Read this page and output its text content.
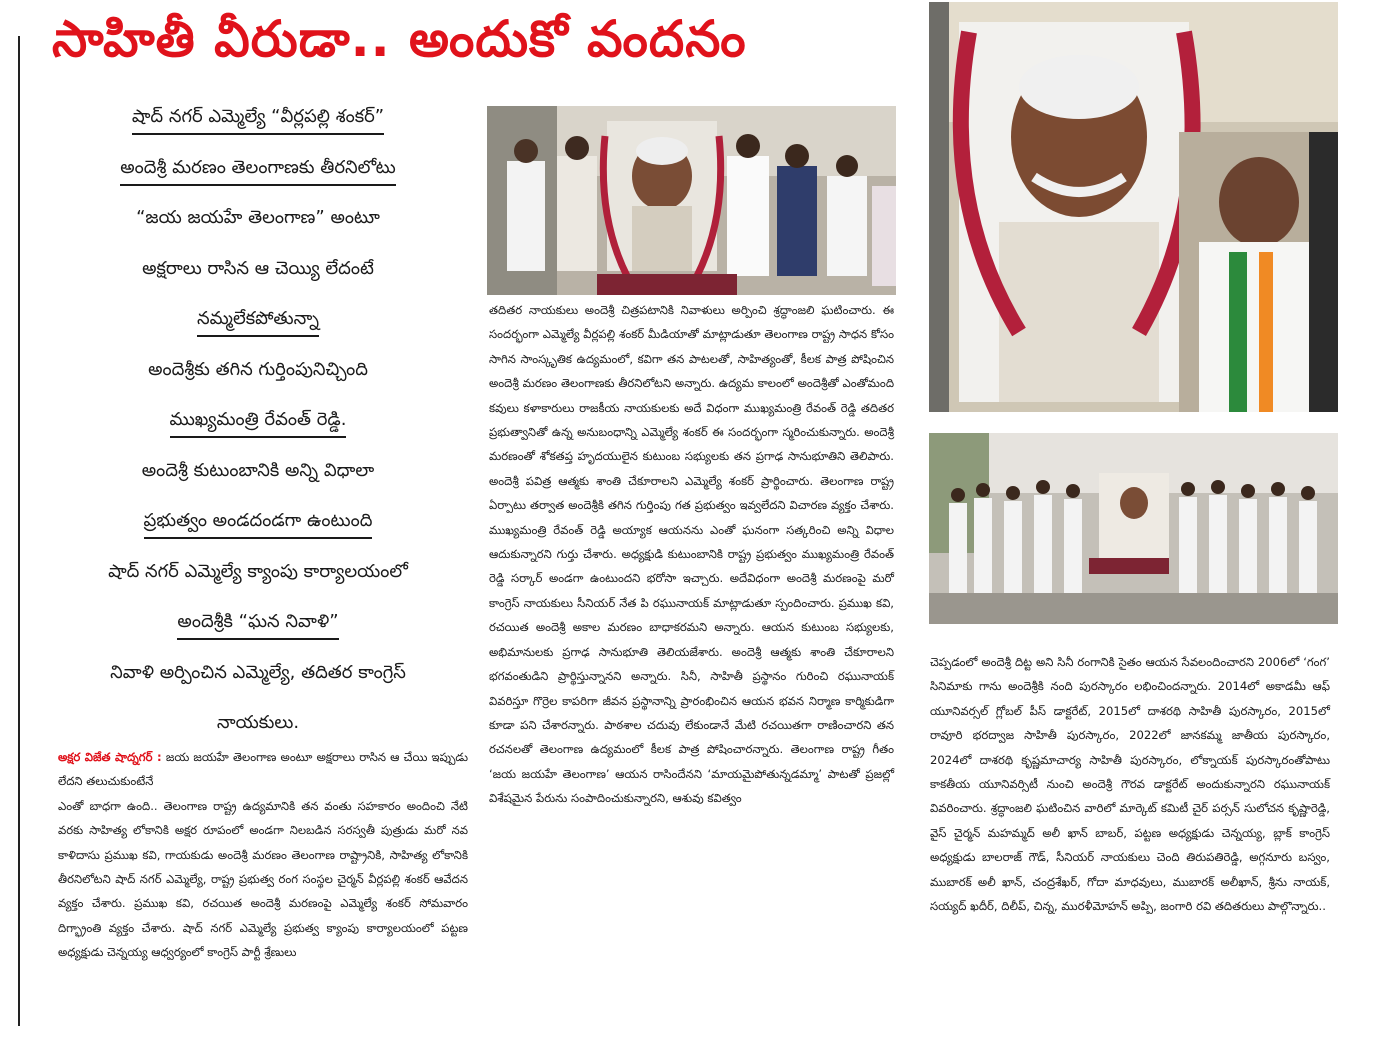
సాహితీ వీరుడా.. అందుకో వందనం
షాద్ నగర్ ఎమ్మెల్యే “వీర్లపల్లి శంకర్”
అందెశ్రీ మరణం తెలంగాణకు తీరనిలోటు
“జయ జయహే తెలంగాణ” అంటూ
అక్షరాలు రాసిన ఆ చెయ్యి లేదంటే
నమ్మలేకపోతున్నా
అందెశ్రీకు తగిన గుర్తింపునిచ్చింది
ముఖ్యమంత్రి రేవంత్ రెడ్డి.
అందెశ్రీ కుటుంబానికి అన్ని విధాలా
ప్రభుత్వం అండదండగా ఉంటుంది
షాద్ నగర్ ఎమ్మెల్యే క్యాంపు కార్యాలయంలో
అందెశ్రీకి “ఘన నివాళి”
నివాళి అర్పించిన ఎమ్మెల్యే, తదితర కాంగ్రెస్
నాయకులు.

అక్షర విజేత షాద్నగర్ : జయ జయహే తెలంగాణ అంటూ అక్షరాలు రాసిన ఆ చేయి ఇప్పుడు లేదని తలుచుకుంటేనే

ఎంతో బాధగా ఉంది.. తెలంగాణ రాష్ట్ర ఉద్యమానికి తన వంతు సహకారం అందించి నేటి వరకు సాహిత్య లోకానికి అక్షర రూపంలో అండగా నిలబడిన సరస్వతీ పుత్రుడు మరో నవ కాళిదాసు ప్రముఖ కవి, గాయకుడు అందెశ్రీ మరణం తెలంగాణ రాష్ట్రానికి, సాహిత్య లోకానికి తీరనిలోటని షాద్ నగర్ ఎమ్మెల్యే, రాష్ట్ర ప్రభుత్వ రంగ సంస్థల చైర్మన్ వీర్లపల్లి శంకర్ ఆవేదన వ్యక్తం చేశారు. ప్రముఖ కవి, రచయిత అందెశ్రీ మరణంపై ఎమ్మెల్యే శంకర్ సోమవారం దిగ్భ్రాంతి వ్యక్తం చేశారు. షాద్ నగర్ ఎమ్మెల్యే ప్రభుత్వ క్యాంపు కార్యాలయంలో పట్టణ అధ్యక్షుడు చెన్నయ్య ఆధ్వర్యంలో కాంగ్రెస్ పార్టీ శ్రేణులు

తదితర నాయకులు అందెశ్రీ చిత్రపటానికి నివాళులు అర్పించి శ్రద్ధాంజలి ఘటించారు. ఈ సందర్భంగా ఎమ్మెల్యే వీర్లపల్లి శంకర్ మీడియాతో మాట్లాడుతూ తెలంగాణ రాష్ట్ర సాధన కోసం సాగిన సాంస్కృతిక ఉద్యమంలో, కవిగా తన పాటలతో, సాహిత్యంతో, కీలక పాత్ర పోషించిన అందెశ్రీ మరణం తెలంగాణకు తీరనిలోటని అన్నారు. ఉద్యమ కాలంలో అందెశ్రీతో ఎంతోమంది కవులు కళాకారులు రాజకీయ నాయకులకు అదే విధంగా ముఖ్యమంత్రి రేవంత్ రెడ్డి తదితర ప్రభుత్వానితో ఉన్న అనుబంధాన్ని ఎమ్మెల్యే శంకర్ ఈ సందర్భంగా స్మరించుకున్నారు. అందెశ్రీ మరణంతో శోకతప్త హృదయులైన కుటుంబ సభ్యులకు తన ప్రగాఢ సానుభూతిని తెలిపారు. అందెశ్రీ పవిత్ర ఆత్మకు శాంతి చేకూరాలని ఎమ్మెల్యే శంకర్ ప్రార్థించారు. తెలంగాణ రాష్ట్ర ఏర్పాటు తర్వాత అందెశ్రీకి తగిన గుర్తింపు గత ప్రభుత్వం ఇవ్వలేదని విచారణ వ్యక్తం చేశారు. ముఖ్యమంత్రి రేవంత్ రెడ్డి అయ్యాక ఆయనను ఎంతో ఘనంగా సత్కరించి అన్ని విధాల ఆదుకున్నారని గుర్తు చేశారు. అధ్యక్షుడి కుటుంబానికి రాష్ట్ర ప్రభుత్వం ముఖ్యమంత్రి రేవంత్ రెడ్డి సర్కార్ అండగా ఉంటుందని భరోసా ఇచ్చారు. అదేవిధంగా అందెశ్రీ మరణంపై మరో కాంగ్రెస్ నాయకులు సీనియర్ నేత పి రఘునాయక్ మాట్లాడుతూ స్పందించారు. ప్రముఖ కవి, రచయిత అందెశ్రీ అకాల మరణం బాధాకరమని అన్నారు. ఆయన కుటుంబ సభ్యులకు, అభిమానులకు ప్రగాఢ సానుభూతి తెలియజేశారు. అందెశ్రీ ఆత్మకు శాంతి చేకూరాలని భగవంతుడిని ప్రార్థిస్తున్నానని అన్నారు. సినీ, సాహితీ ప్రస్థానం గురించి రఘునాయక్ వివరిస్తూ గొర్రెల కాపరిగా జీవన ప్రస్థానాన్ని ప్రారంభించిన ఆయన భవన నిర్మాణ కార్మికుడిగా కూడా పని చేశారన్నారు. పాఠశాల చదువు లేకుండానే మేటి రచయితగా రాణించారని తన రచనలతో తెలంగాణ ఉద్యమంలో కీలక పాత్ర పోషించారన్నారు. తెలంగాణ రాష్ట్ర గీతం ‘జయ జయహే తెలంగాణ’ ఆయన రాసిందేనని ‘మాయమైపోతున్నడమ్మా’ పాటతో ప్రజల్లో విశేషమైన పేరును సంపాదించుకున్నారని, ఆశువు కవిత్వం

చెప్పడంలో అందెశ్రీ దిట్ట అని సినీ రంగానికి సైతం ఆయన సేవలందించారని 2006లో ‘గంగ’ సినిమాకు గాను అందెశ్రీకి నంది పురస్కారం లభించిందన్నారు. 2014లో అకాడమీ ఆఫ్ యూనివర్సల్ గ్లోబల్ పీస్ డాక్టరేట్, 2015లో దాశరథి సాహితీ పురస్కారం, 2015లో రావూరి భరద్వాజ సాహితీ పురస్కారం, 2022లో జానకమ్మ జాతీయ పురస్కారం, 2024లో దాశరథి కృష్ణమాచార్య సాహితీ పురస్కారం, లోక్నాయక్ పురస్కారంతోపాటు కాకతీయ యూనివర్సిటీ నుంచి అందెశ్రీ గౌరవ డాక్టరేట్ అందుకున్నారని రఘునాయక్ వివరించారు. శ్రద్ధాంజలి ఘటించిన వారిలో మార్కెట్ కమిటీ చైర్ పర్సన్ సులోచన కృష్ణారెడ్డి, వైస్ చైర్మన్ మహమ్మద్ అలీ ఖాన్ బాబర్, పట్టణ అధ్యక్షుడు చెన్నయ్య, బ్లాక్ కాంగ్రెస్ అధ్యక్షుడు బాలరాజ్ గౌడ్, సీనియర్ నాయకులు చెంది తిరుపతిరెడ్డి, అగ్గనూరు బస్వం, ముబారక్ అలీ ఖాన్, చంద్రశేఖర్, గోదా మాధవులు, ముబారక్ అలీఖాన్, శ్రీను నాయక్, సయ్యద్ ఖదీర్, దిలీప్, చిన్న, మురళీమోహన్ అప్పి, జంగారి రవి తదితరులు పాల్గొన్నారు..
